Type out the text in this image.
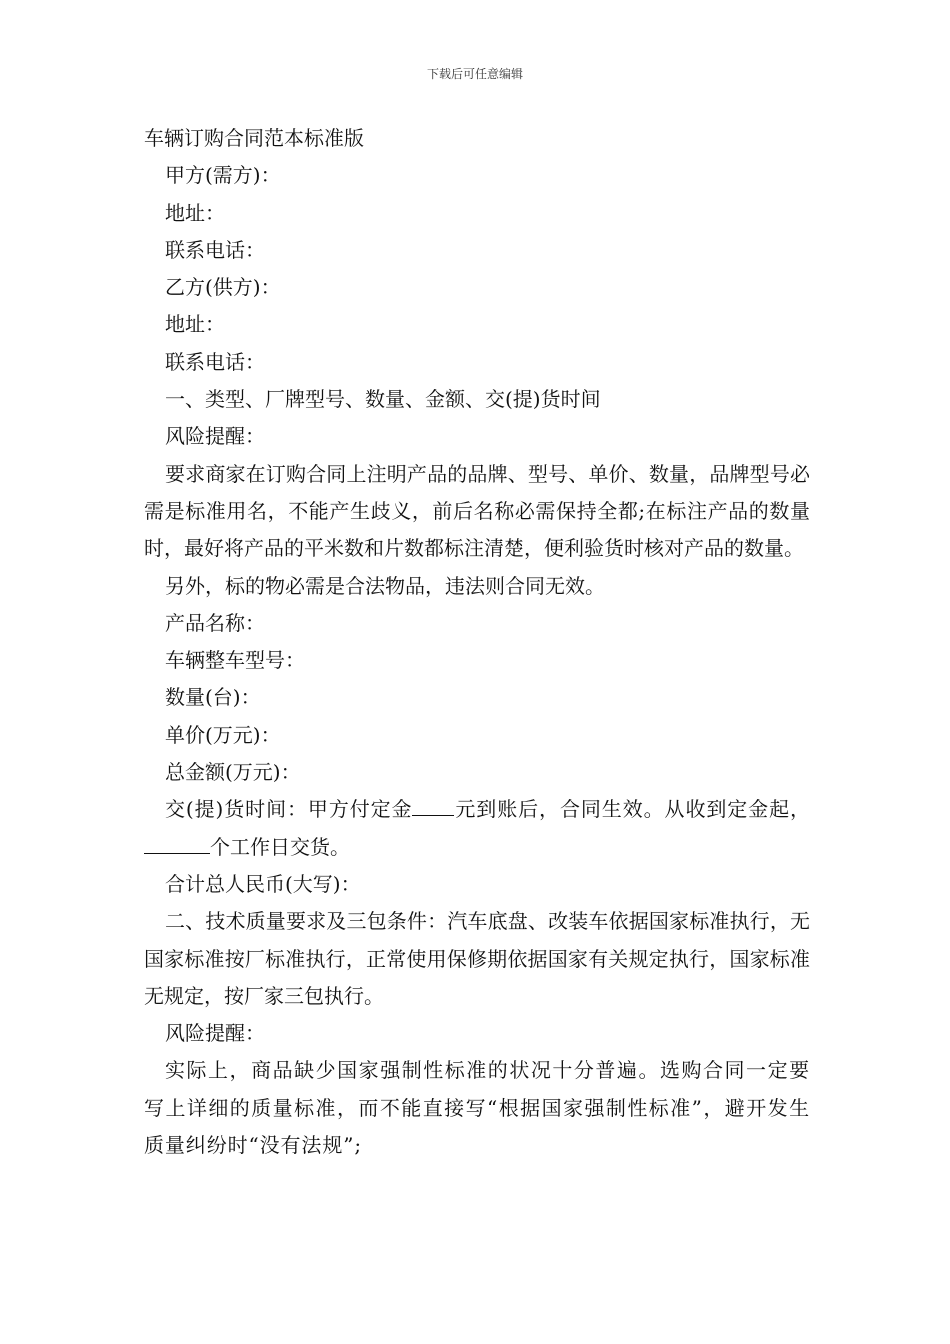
下载后可任意编辑

车辆订购合同范本标准版

甲方(需方)：

地址：

联系电话：

乙方(供方)：

地址：

联系电话：

一、类型、厂牌型号、数量、金额、交(提)货时间

风险提醒：

要求商家在订购合同上注明产品的品牌、型号、单价、数量，品牌型号必需是标准用名，不能产生歧义，前后名称必需保持全都;在标注产品的数量时，最好将产品的平米数和片数都标注清楚，便利验货时核对产品的数量。

另外，标的物必需是合法物品，违法则合同无效。

产品名称：

车辆整车型号：

数量(台)：

单价(万元)：

总金额(万元)：

交(提)货时间：甲方付定金 元到账后，合同生效。从收到定金起，个工作日交货。

合计总人民币(大写)：

二、技术质量要求及三包条件：汽车底盘、改装车依据国家标准执行，无国家标准按厂标准执行，正常使用保修期依据国家有关规定执行，国家标准无规定，按厂家三包执行。

风险提醒：

实际上，商品缺少国家强制性标准的状况十分普遍。选购合同一定要写上详细的质量标准，而不能直接写“根据国家强制性标准”，避开发生质量纠纷时“没有法规”;
